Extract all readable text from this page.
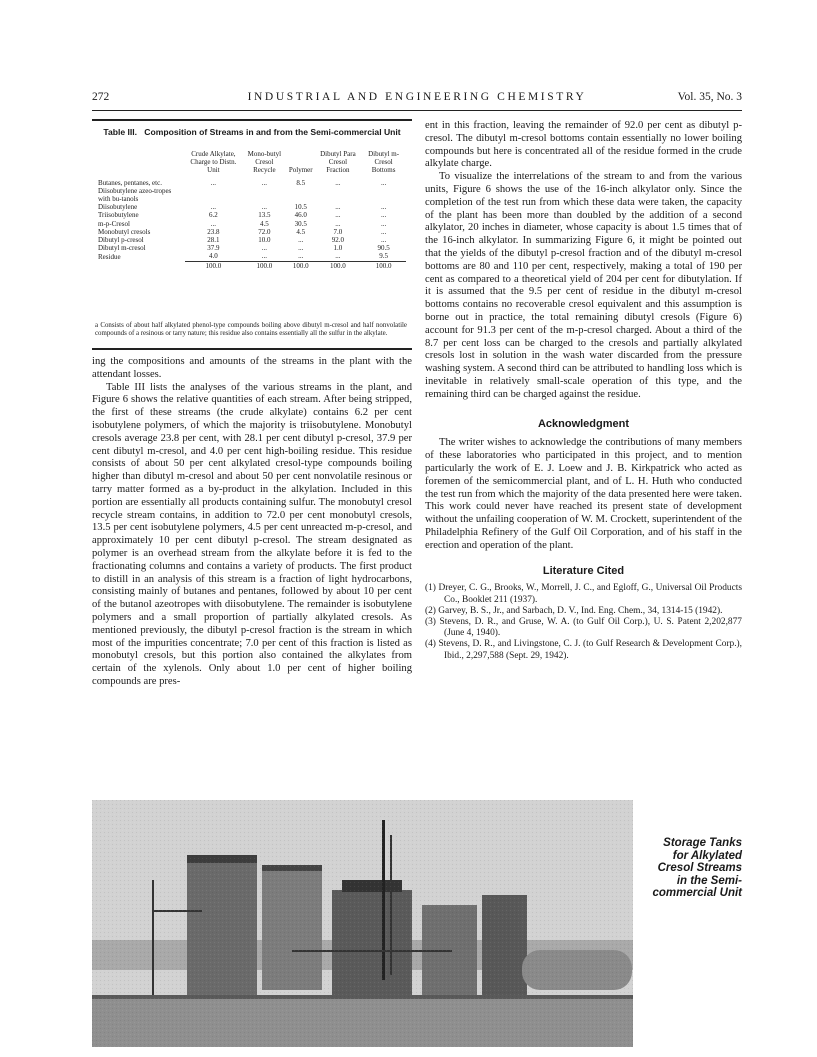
272	INDUSTRIAL AND ENGINEERING CHEMISTRY	Vol. 35, No. 3
Table III. Composition of Streams in and from the Semi-commercial Unit
	Crude Alkylate, Charge to Distn. Unit	Mono-butyl Cresol Recycle	Polymer	Dibutyl Para Cresol Fraction	Dibutyl m-Cresol Bottoms

Butanes, pentanes, etc.	...	...	8.5	...	...
Diisobutylene azeo-tropes with bu-tanols					
Diisobutylene	...	...	10.5	...	...
Triisobutylene	6.2	13.5	46.0	...	...
m-p-Cresol	...	4.5	30.5	...	...
Monobutyl cresols	23.8	72.0	4.5	7.0	...
Dibutyl p-cresol	28.1	10.0	...	92.0	...
Dibutyl m-cresol	37.9	...	...	1.0	90.5
Residue	4.0	...	...	...	9.5
	100.0	100.0	100.0	100.0	100.0
a Consists of about half alkylated phenol-type compounds boiling above dibutyl m-cresol and half nonvolatile compounds of a resinous or tarry nature; this residue also contains essentially all the sulfur in the alkylate.

ing the compositions and amounts of the streams in the plant with the attendant losses.

Table III lists the analyses of the various streams in the plant, and Figure 6 shows the relative quantities of each stream. After being stripped, the first of these streams (the crude alkylate) contains 6.2 per cent isobutylene polymers, of which the majority is triisobutylene. Monobutyl cresols average 23.8 per cent, with 28.1 per cent dibutyl p-cresol, 37.9 per cent dibutyl m-cresol, and 4.0 per cent high-boiling residue. This residue consists of about 50 per cent alkylated cresol-type compounds boiling higher than dibutyl m-cresol and about 50 per cent nonvolatile resinous or tarry matter formed as a by-product in the alkylation. Included in this portion are essentially all products containing sulfur. The monobutyl cresol recycle stream contains, in addition to 72.0 per cent monobutyl cresols, 13.5 per cent isobutylene polymers, 4.5 per cent unreacted m-p-cresol, and approximately 10 per cent dibutyl p-cresol. The stream designated as polymer is an overhead stream from the alkylate before it is fed to the fractionating columns and contains a variety of products. The first product to distill in an analysis of this stream is a fraction of light hydrocarbons, consisting mainly of butanes and pentanes, followed by about 10 per cent of the butanol azeotropes with diisobutylene. The remainder is isobutylene polymers and a small proportion of partially alkylated cresols. As mentioned previously, the dibutyl p-cresol fraction is the stream in which most of the impurities concentrate; 7.0 per cent of this fraction is listed as monobutyl cresols, but this portion also contained the alkylates from certain of the xylenols. Only about 1.0 per cent of higher boiling compounds are pres-

ent in this fraction, leaving the remainder of 92.0 per cent as dibutyl p-cresol. The dibutyl m-cresol bottoms contain essentially no lower boiling compounds but here is concentrated all of the residue formed in the crude alkylate charge.

To visualize the interrelations of the stream to and from the various units, Figure 6 shows the use of the 16-inch alkylator only. Since the completion of the test run from which these data were taken, the capacity of the plant has been more than doubled by the addition of a second alkylator, 20 inches in diameter, whose capacity is about 1.5 times that of the 16-inch alkylator. In summarizing Figure 6, it might be pointed out that the yields of the dibutyl p-cresol fraction and of the dibutyl m-cresol bottoms are 80 and 110 per cent, respectively, making a total of 190 per cent as compared to a theoretical yield of 204 per cent for dibutylation. If it is assumed that the 9.5 per cent of residue in the dibutyl m-cresol bottoms contains no recoverable cresol equivalent and this assumption is borne out in practice, the total remaining dibutyl cresols (Figure 6) account for 91.3 per cent of the m-p-cresol charged. About a third of the 8.7 per cent loss can be charged to the cresols and partially alkylated cresols lost in solution in the wash water discarded from the pressure washing system. A second third can be attributed to handling loss which is inevitable in relatively small-scale operation of this type, and the remaining third can be charged against the residue.

Acknowledgment

The writer wishes to acknowledge the contributions of many members of these laboratories who participated in this project, and to mention particularly the work of E. J. Loew and J. B. Kirkpatrick who acted as foremen of the semicommercial plant, and of L. H. Huth who conducted the test run from which the majority of the data presented here were taken. This work could never have reached its present state of development without the unfailing cooperation of W. M. Crockett, superintendent of the Philadelphia Refinery of the Gulf Oil Corporation, and of his staff in the erection and operation of the plant.

Literature Cited

(1) Dreyer, C. G., Brooks, W., Morrell, J. C., and Egloff, G., Universal Oil Products Co., Booklet 211 (1937).

(2) Garvey, B. S., Jr., and Sarbach, D. V., Ind. Eng. Chem., 34, 1314-15 (1942).

(3) Stevens, D. R., and Gruse, W. A. (to Gulf Oil Corp.), U. S. Patent 2,202,877 (June 4, 1940).

(4) Stevens, D. R., and Livingstone, C. J. (to Gulf Research & Development Corp.), Ibid., 2,297,588 (Sept. 29, 1942).

Storage Tanks for Alkylated Cresol Streams in the Semi-commercial Unit
